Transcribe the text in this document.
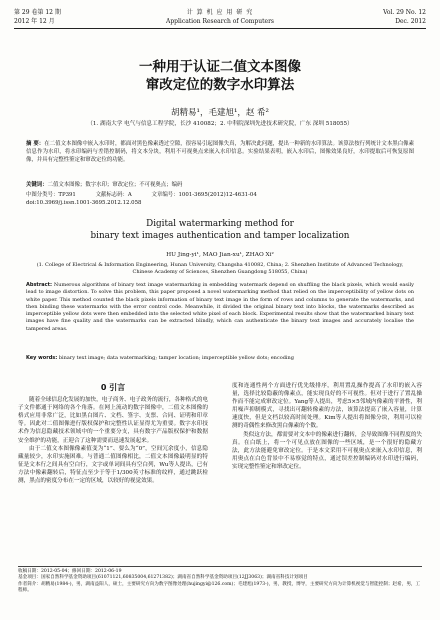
第 29 卷第 12 期
2012 年 12 月
计 算 机 应 用 研 究
Application Research of Computers
Vol. 29 No. 12
Dec. 2012
一种用于认证二值文本图像
窜改定位的数字水印算法
胡精易¹，毛建旭¹，赵 希²
（1. 湖南大学 电气与信息工程学院，长沙 410082；2. 中科院深圳先进技术研究院，广东 深圳 518055）
摘 要：在二值文本图像中嵌入水印时，都面对黑色像素透过空隙，很容易引起图像失真，为解决此问题，提出一种新的水印算法。该算法按行列统计文本黑白像素信息作为水印，将水印编码与差错控制码，将文本分块，利用不可视奥点来嵌入水印信息。实验结果表明，嵌入水印后，图像效果良好，水印提取后可恢复原图像，并具有完整性鉴定和窜改定位的功能。
关键词：二值文本图像；数字水印；窜改定位；不可视奥点；编码
中图分类号：TP391	文献标志码：A	文章编号：1001-3695(2012)12-4631-04
doi:10.3969/j.issn.1001-3695.2012.12.058
Digital watermarking method for
binary text images authentication and tamper localization
HU Jing-yi¹, MAO Jian-xu¹, ZHAO Xi²
(1. College of Electrical & Information Engineering, Hunan University, Changsha 410082, China; 2. Shenzhen Institute of Advanced Technology, Chinese Academy of Sciences, Shenzhen Guangdong 518055, China)
Abstract: Numerous algorithms of binary text image watermarking in embedding watermark depend on shuffling the black pixels, which would easily lead to image distortion. To solve this problem, this paper proposed a novel watermarking method that relied on the imperceptibility of yellow dots on white paper. This method counted the black pixels information of binary text image in the form of rows and columns to generate the watermarks, and then binding these watermarks with the error control code. Meanwhile, it divided the original binary text into blocks, the watermarks described as imperceptible yellow dots were then embedded into the selected white pixel of each block. Experimental results show that the watermarked binary text images have fine quality and the watermarks can be extracted blindly, which can authenticate the binary text images and accurately localise the tampered areas.
Key words: binary text image; data watermarking; tamper location; imperceptible yellow dots; encoding
0 引言

随着全球信息化发展的加快，电子商务、电子政务的流行，各种格式的电子文件都通于网络的各个角落。在网上流动的数字图像中，二值文本图像的格式应用非常广泛，比如黑白图片、文档、签字、支票、合同、证明和印章等。因此对二值图像进行版权保护和完整性认证显得尤为重要。数字水印技术作为信息隐藏技术领域中的一个重要分支，具有数字产品版权保护和数据安全维护的功能，正迎合了这种需要而迅速发展起来。

由于二值文本图像像素值变为“1”、要么为“0”，空间冗余度小，信息隐藏量较少，水印实施困难。与普通二值图像相比，二值文本图像最明显的特征是文本行之间具有空白行，文字或单词间具有空白列，Wu等人提出，已有方法中像素翻转后，特征点至少于等于1/300英寸标准的纹样，通过跳跃检测，黑点的密度分布在一定的区域，以较好的视觉效果。

度和连通性两个方面进行优先级排序，利用置乱操作提高了水印的嵌入容量，选择比较隐蔽的像素点，能实现良好的不可视性。但对于进行了置乱操作而不能完成窜改定位。Yang等人提出，考虑5×5邻域内像素的平滑性，利用噪声抑制模式，寻找出可翻转像素的方法，该算法提高了嵌入容量，计算速度快，但是文档以较高时间处理。Kim等人提出将图像分块，利用可以检测的奇偶性来修改黑白像素的个数。

类似这方法，都需要对文本中的像素进行翻转，会导致图像不同程度的失真。在白纸上，将一个可见点放在图像的一些区域，是一个很好的隐藏方法，此方法能避免窜改定位。于是本文采用不可视奥点来嵌入水印信息，利用奥点在白色背景中不易察觉的特点，通过误差控制编码对水印进行编码，实现完整性鉴定和窜改定位。

收稿日期：2012-05-04；修回日期：2012-06-19
基金项目：国家自然科学基金资助项目(61071121,60835004,61271382)；湖南省自然科学基金资助项目(12JJ3063)；湖南省科技计划项目
作者简介：胡精易(1984-)，男，湖南益阳人，硕士，主要研究方向为数字图像处理(hujingyi@126.com)；毛建旭(1973-)，男，教授，博导，主要研究方向为计算机视觉与智能控制；赵希，男，工程师。
